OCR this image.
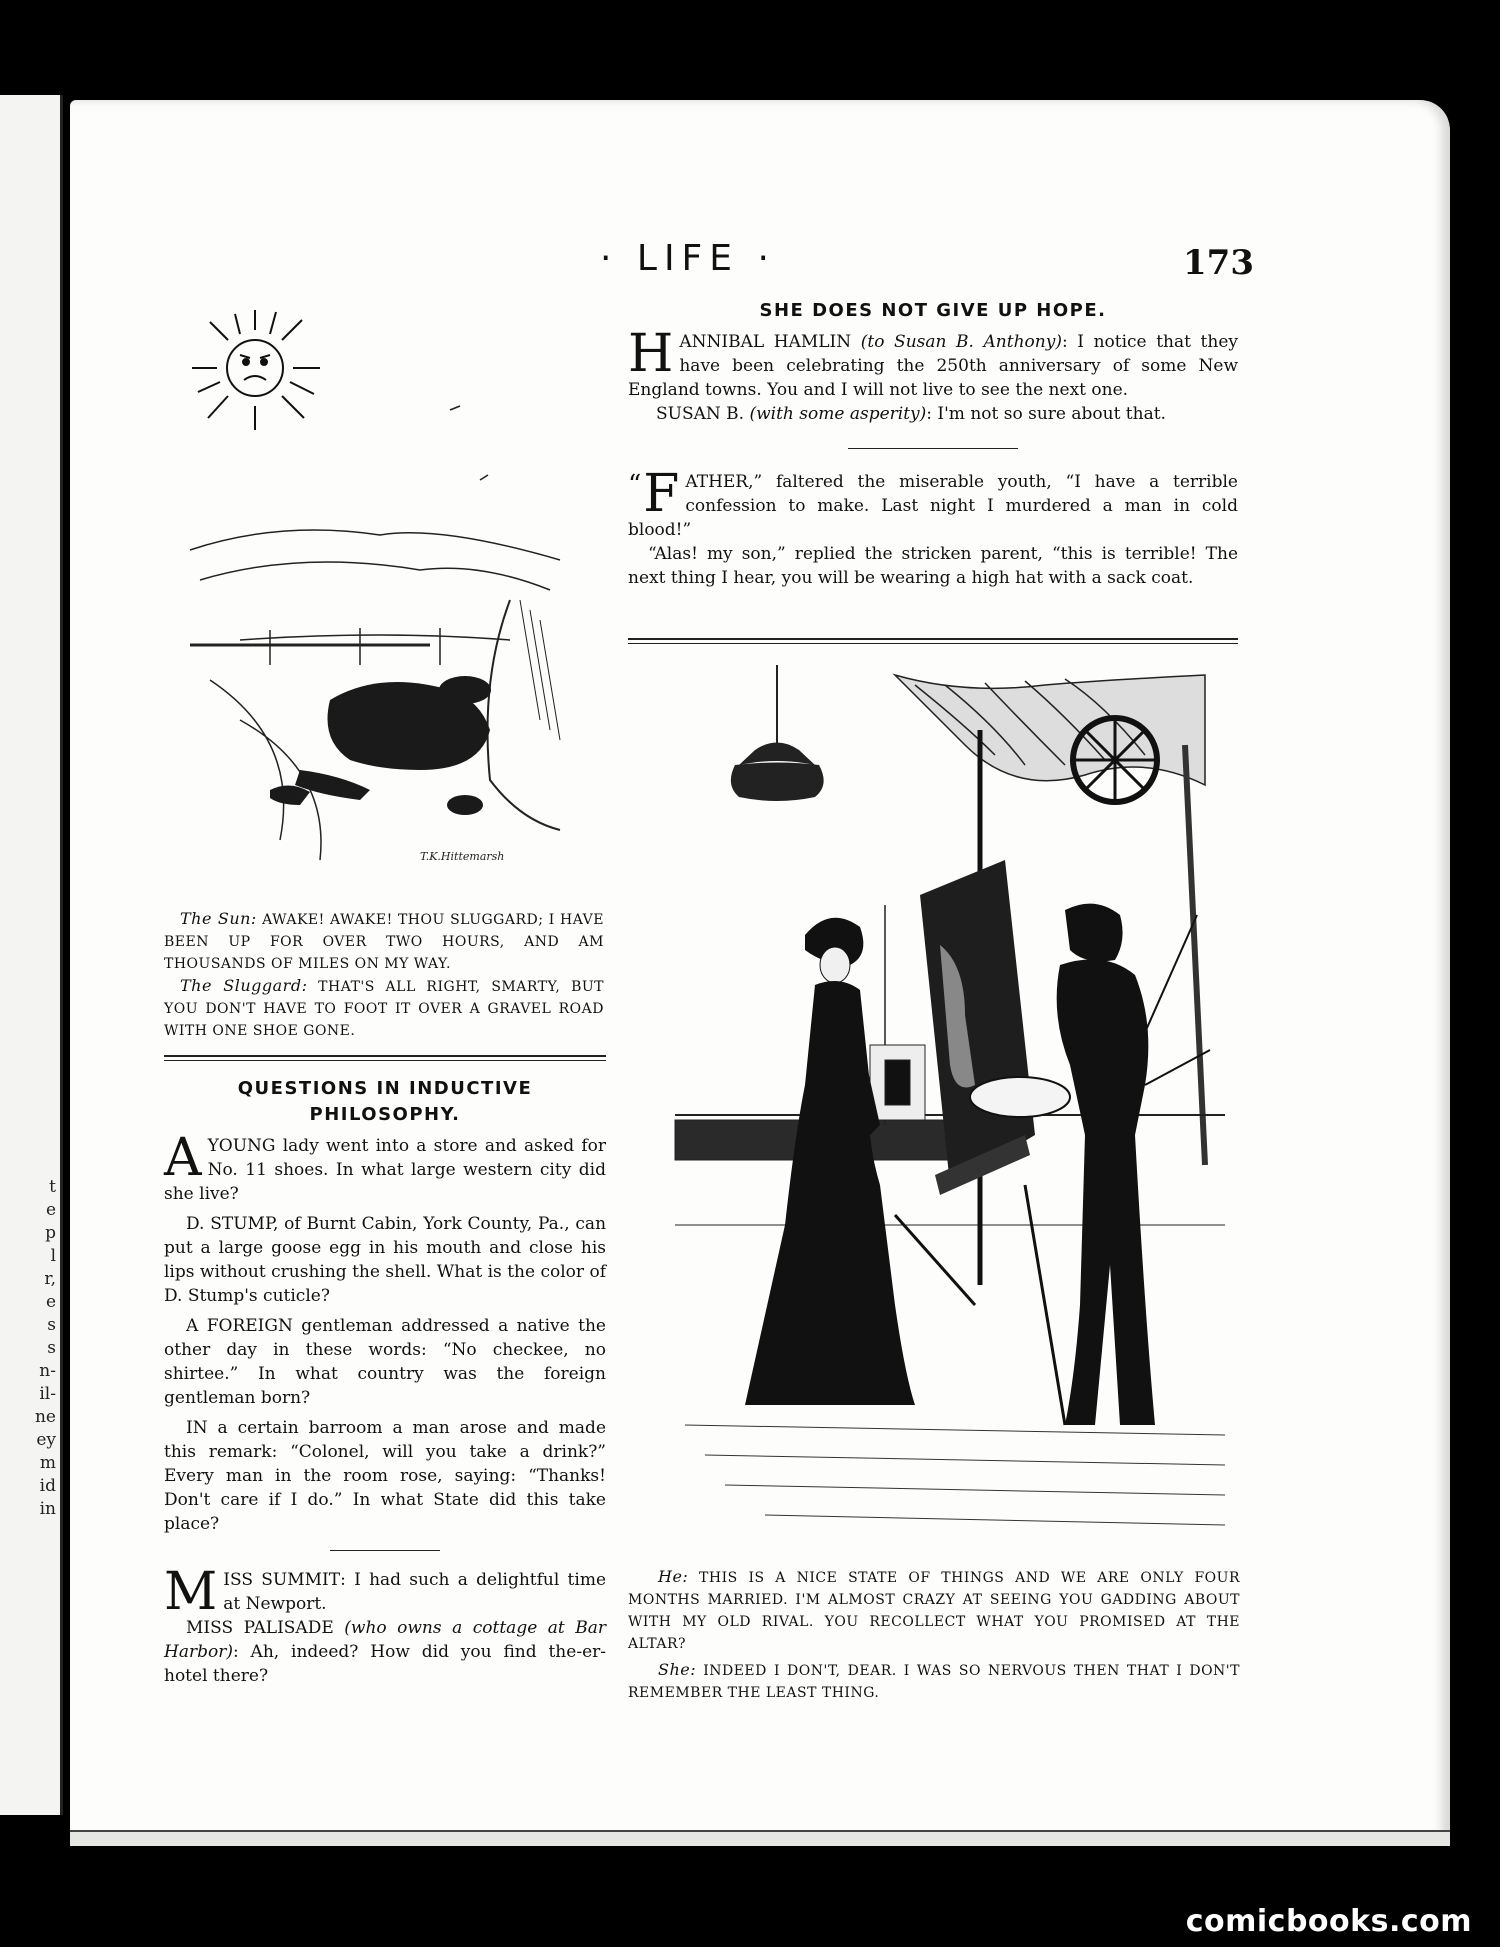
t
e
p
l
r,
e
s
s
n-
il-
ne
ey
m
id
in
· LIFE ·	173
SHE DOES NOT GIVE UP HOPE.
H ANNIBAL HAMLIN (to Susan B. Anthony): I notice that they have been celebrating the 250th anniversary of some New England towns. You and I will not live to see the next one.

SUSAN B. (with some asperity): I'm not so sure about that.

“ F ATHER,” faltered the miserable youth, “I have a terrible confession to make. Last night I murdered a man in cold blood!”

“Alas! my son,” replied the stricken parent, “this is terrible! The next thing I hear, you will be wearing a high hat with a sack coat.

T.K.Hittemarsh

The Sun: AWAKE! AWAKE! THOU SLUGGARD; I HAVE BEEN UP FOR OVER TWO HOURS, AND AM THOUSANDS OF MILES ON MY WAY.

The Sluggard: THAT'S ALL RIGHT, SMARTY, BUT YOU DON'T HAVE TO FOOT IT OVER A GRAVEL ROAD WITH ONE SHOE GONE.

QUESTIONS IN INDUCTIVE PHILOSOPHY.
A YOUNG lady went into a store and asked for No. 11 shoes. In what large western city did she live?

D. STUMP, of Burnt Cabin, York County, Pa., can put a large goose egg in his mouth and close his lips without crushing the shell. What is the color of D. Stump's cuticle?

A FOREIGN gentleman addressed a native the other day in these words: “No checkee, no shirtee.” In what country was the foreign gentleman born?

IN a certain barroom a man arose and made this remark: “Colonel, will you take a drink?” Every man in the room rose, saying: “Thanks! Don't care if I do.” In what State did this take place?

M ISS SUMMIT: I had such a delightful time at Newport.

MISS PALISADE (who owns a cottage at Bar Harbor): Ah, indeed? How did you find the-er- hotel there?

He: THIS IS A NICE STATE OF THINGS AND WE ARE ONLY FOUR MONTHS MARRIED. I'M ALMOST CRAZY AT SEEING YOU GADDING ABOUT WITH MY OLD RIVAL. YOU RECOLLECT WHAT YOU PROMISED AT THE ALTAR?

She: INDEED I DON'T, DEAR. I WAS SO NERVOUS THEN THAT I DON'T REMEMBER THE LEAST THING.

comicbooks.com
